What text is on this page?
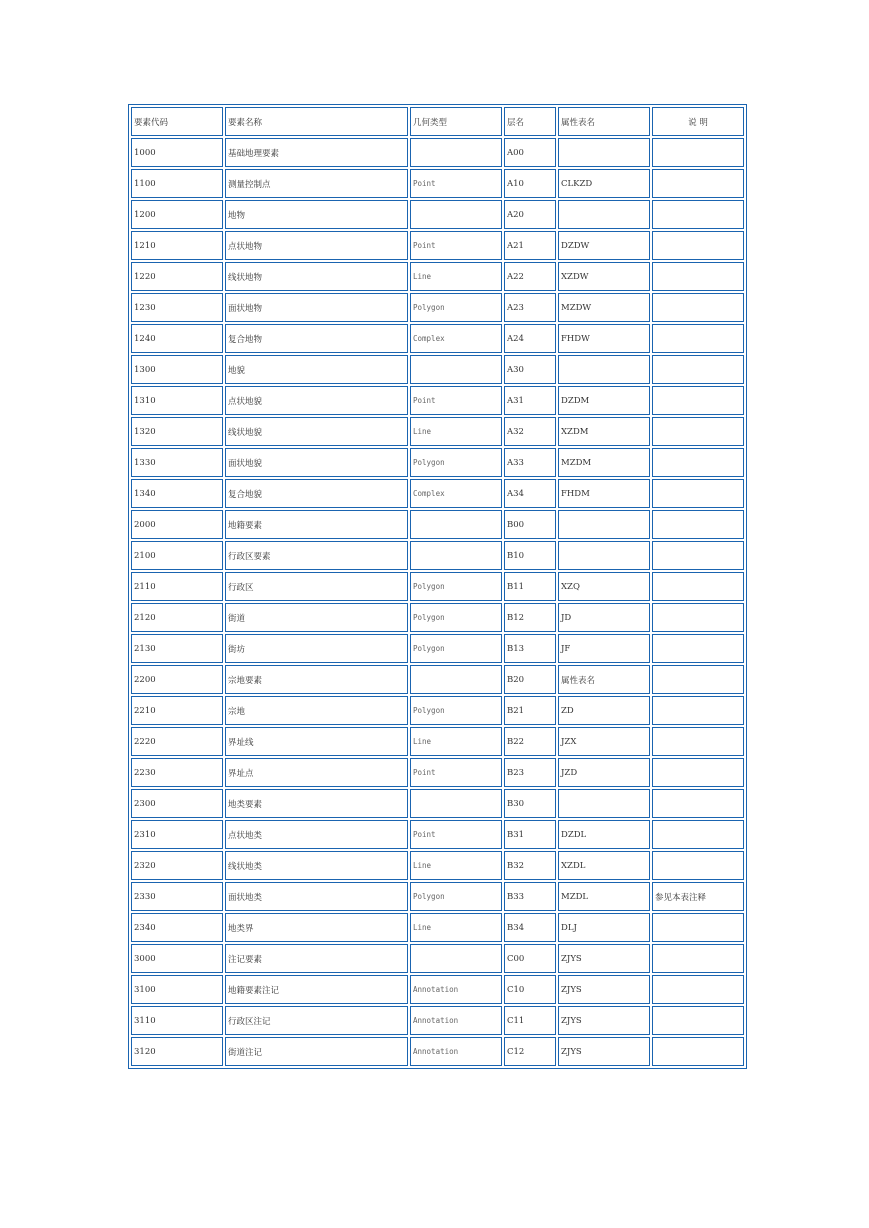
要素代码	要素名称	几何类型	层名	属性表名	说 明
1000	基础地理要素		A00		
1100	测量控制点	Point	A10	CLKZD	
1200	地物		A20		
1210	点状地物	Point	A21	DZDW	
1220	线状地物	Line	A22	XZDW	
1230	面状地物	Polygon	A23	MZDW	
1240	复合地物	Complex	A24	FHDW	
1300	地貌		A30		
1310	点状地貌	Point	A31	DZDM	
1320	线状地貌	Line	A32	XZDM	
1330	面状地貌	Polygon	A33	MZDM	
1340	复合地貌	Complex	A34	FHDM	
2000	地籍要素		B00		
2100	行政区要素		B10		
2110	行政区	Polygon	B11	XZQ	
2120	街道	Polygon	B12	JD	
2130	街坊	Polygon	B13	JF	
2200	宗地要素		B20	属性表名	
2210	宗地	Polygon	B21	ZD	
2220	界址线	Line	B22	JZX	
2230	界址点	Point	B23	JZD	
2300	地类要素		B30		
2310	点状地类	Point	B31	DZDL	
2320	线状地类	Line	B32	XZDL	
2330	面状地类	Polygon	B33	MZDL	参见本表注释
2340	地类界	Line	B34	DLJ	
3000	注记要素		C00	ZJYS	
3100	地籍要素注记	Annotation	C10	ZJYS	
3110	行政区注记	Annotation	C11	ZJYS	
3120	街道注记	Annotation	C12	ZJYS	
